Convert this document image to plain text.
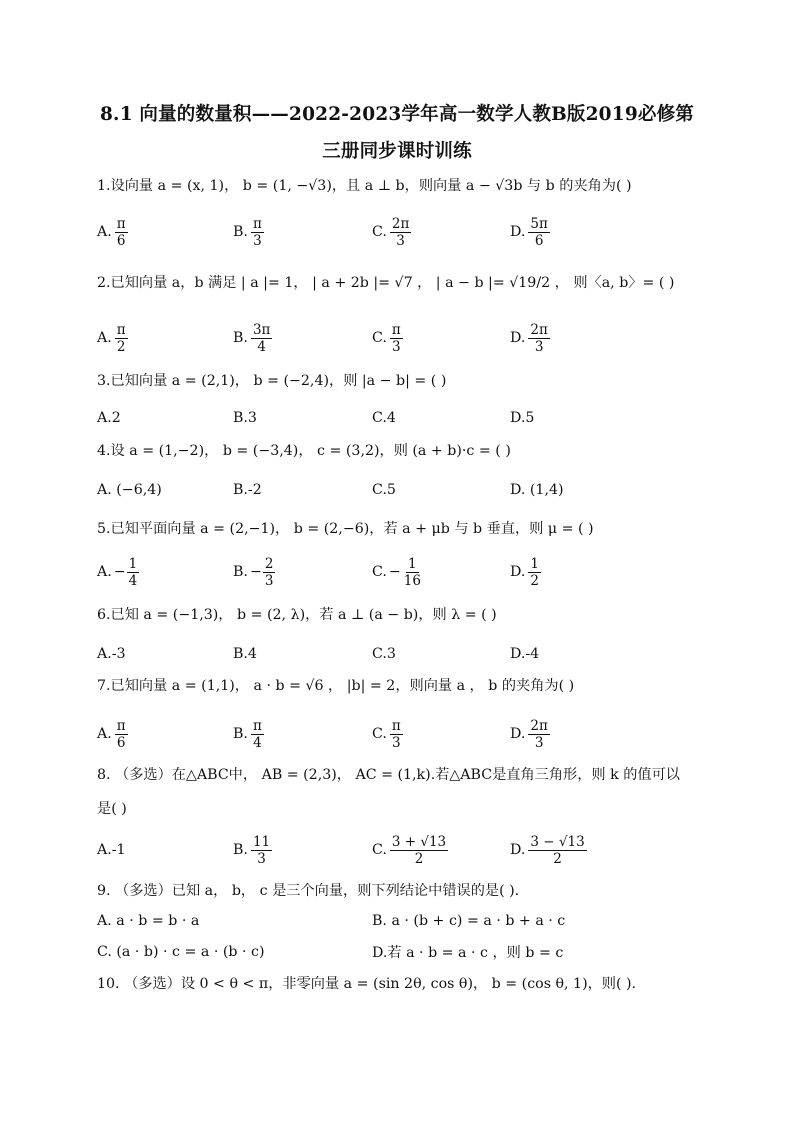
8.1 向量的数量积——2022-2023学年高一数学人教B版2019必修第
三册同步课时训练
1.设向量 a = (x, 1)， b = (1, −√3)，且 a ⊥ b，则向量 a − √3b 与 b 的夹角为( )
A. $\frac{\pi}{6}$	B. $\frac{\pi}{3}$	C. $\frac{2\pi}{3}$	D. $\frac{5\pi}{6}$
2.已知向量 a，b 满足 | a |= 1， | a + 2b |= √7 ， | a − b |= √19/2 ， 则〈a, b〉= ( )
A. $\frac{\pi}{2}$	B. $\frac{3\pi}{4}$	C. $\frac{\pi}{3}$	D. $\frac{2\pi}{3}$
3.已知向量 a = (2,1)， b = (−2,4)，则 |a − b| = ( )
A.2	B.3	C.4	D.5
4.设 a = (1,−2)， b = (−3,4)， c = (3,2)，则 (a + b)·c = ( )
A. (−6,4)	B.-2	C.5	D. (1,4)
5.已知平面向量 a = (2,−1)， b = (2,−6)，若 a + μb 与 b 垂直，则 μ = ( )
A. − $\frac{1}{4}$	B. − $\frac{2}{3}$	C. − $\frac{1}{16}$	D. $\frac{1}{2}$
6.已知 a = (−1,3)， b = (2, λ)，若 a ⊥ (a − b)，则 λ = ( )
A.-3	B.4	C.3	D.-4
7.已知向量 a = (1,1)， a · b = √6 ， |b| = 2，则向量 a ， b 的夹角为( )
A. $\frac{\pi}{6}$	B. $\frac{\pi}{4}$	C. $\frac{\pi}{3}$	D. $\frac{2\pi}{3}$
8. （多选）在△ABC中， AB = (2,3)， AC = (1,k).若△ABC是直角三角形，则 k 的值可以
是( )
A.-1	B. $\frac{11}{3}$	C. $\frac{3 + √13}{2}$	D. $\frac{3 - √13}{2}$
9. （多选）已知 a， b， c 是三个向量，则下列结论中错误的是( ).
A. a · b = b · a	B. a · (b + c) = a · b + a · c
C. (a · b) · c = a · (b · c)	D.若 a · b = a · c ，则 b = c
10. （多选）设 0 < θ < π，非零向量 a = (sin 2θ, cos θ)， b = (cos θ, 1)，则( ).
